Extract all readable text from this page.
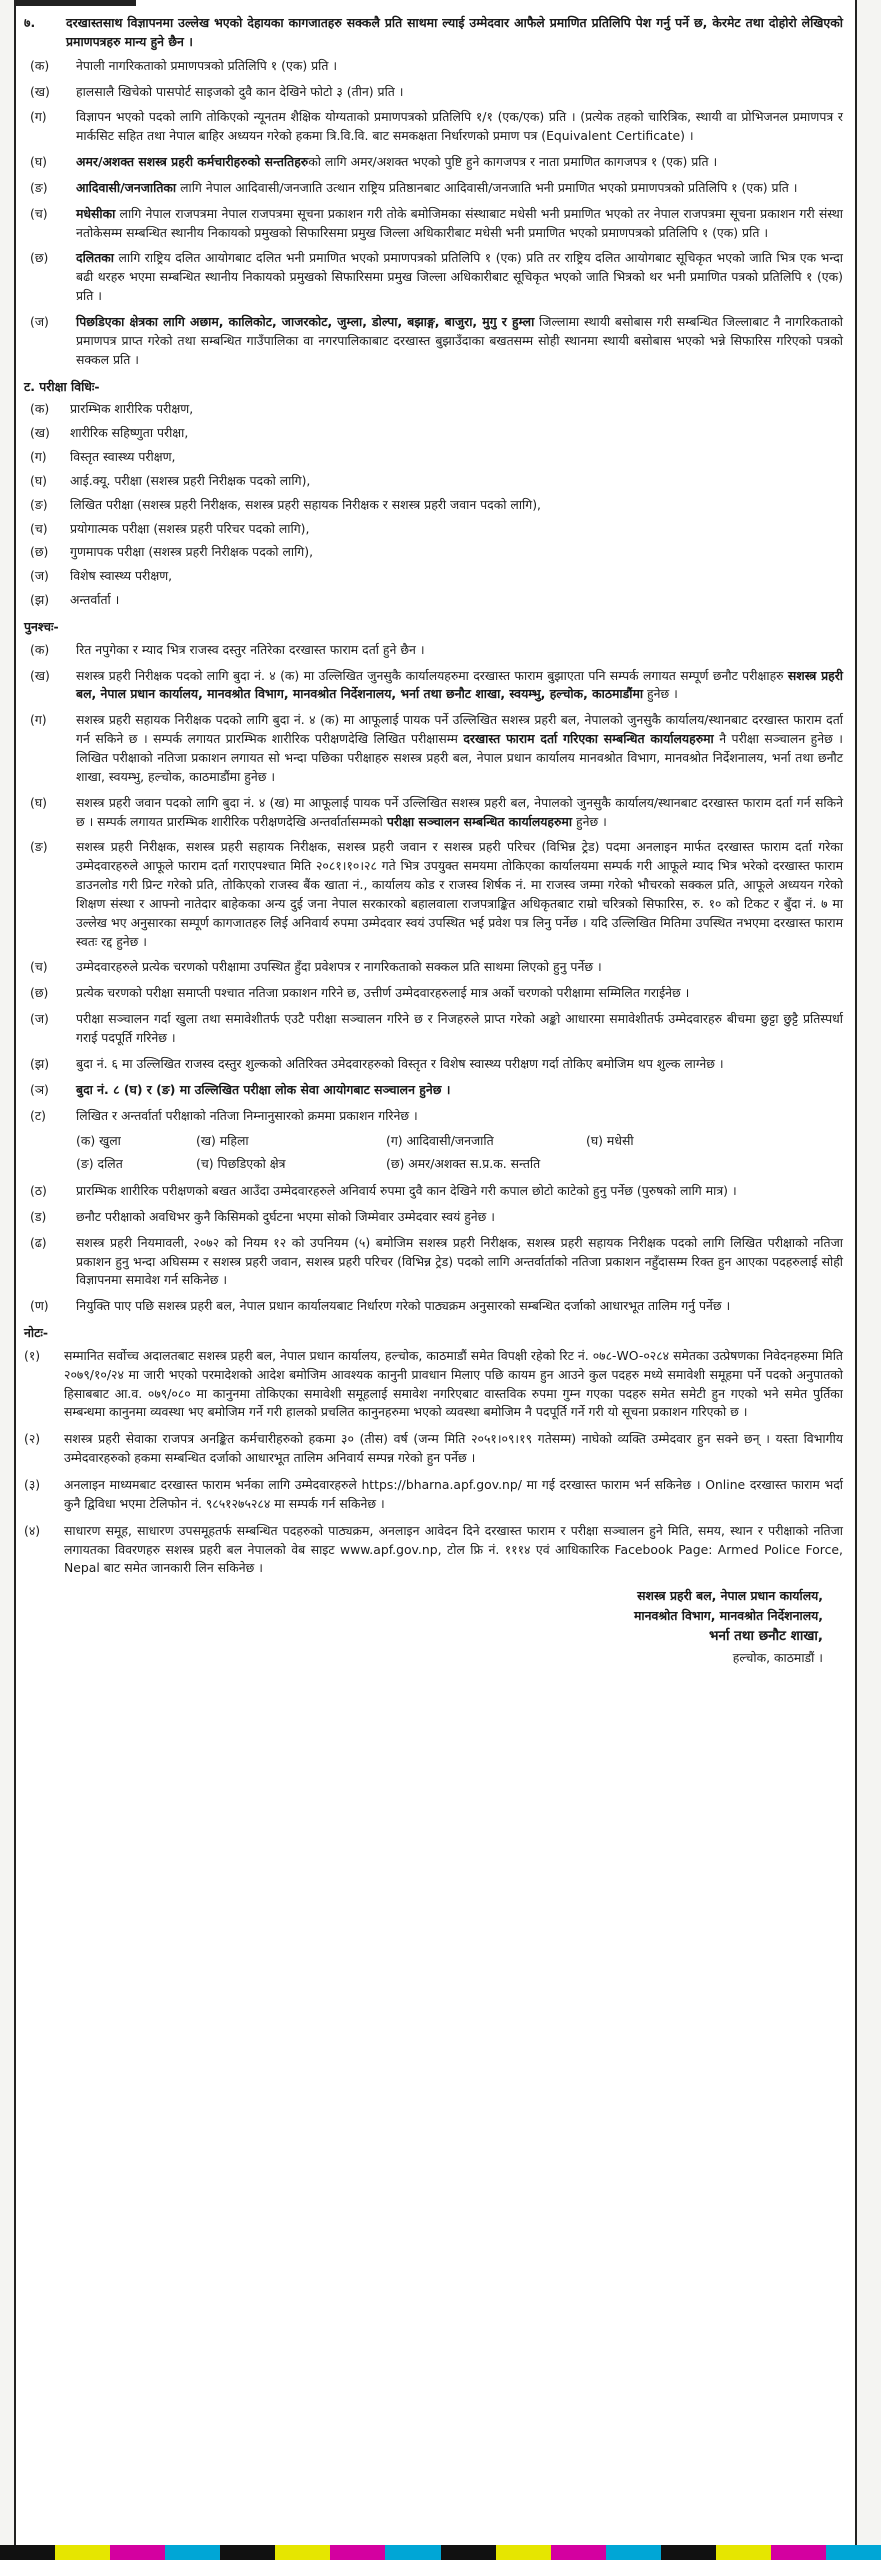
७.	दरखास्तसाथ विज्ञापनमा उल्लेख भएको देहायका कागजातहरु सक्कलै प्रति साथमा ल्याई उम्मेदवार आफैले प्रमाणित प्रतिलिपि पेश गर्नु पर्ने छ, केरमेट तथा दोहोरो लेखिएको प्रमाणपत्रहरु मान्य हुने छैन ।
(क)	नेपाली नागरिकताको प्रमाणपत्रको प्रतिलिपि १ (एक) प्रति ।
(ख)	हालसालै खिचेको पासपोर्ट साइजको दुवै कान देखिने फोटो ३ (तीन) प्रति ।
(ग)	विज्ञापन भएको पदको लागि तोकिएको न्यूनतम शैक्षिक योग्यताको प्रमाणपत्रको प्रतिलिपि १/१ (एक/एक) प्रति । (प्रत्येक तहको चारित्रिक, स्थायी वा प्रोभिजनल प्रमाणपत्र र मार्कसिट सहित तथा नेपाल बाहिर अध्ययन गरेको हकमा त्रि.वि.वि. बाट समकक्षता निर्धारणको प्रमाण पत्र (Equivalent Certificate) ।
(घ)	अमर/अशक्त सशस्त्र प्रहरी कर्मचारीहरुको सन्ततिहरुको लागि अमर/अशक्त भएको पुष्टि हुने कागजपत्र र नाता प्रमाणित कागजपत्र १ (एक) प्रति ।
(ङ)	आदिवासी/जनजातिका लागि नेपाल आदिवासी/जनजाति उत्थान राष्ट्रिय प्रतिष्ठानबाट आदिवासी/जनजाति भनी प्रमाणित भएको प्रमाणपत्रको प्रतिलिपि १ (एक) प्रति ।
(च)	मधेसीका लागि नेपाल राजपत्रमा नेपाल राजपत्रमा सूचना प्रकाशन गरी तोके बमोजिमका संस्थाबाट मधेसी भनी प्रमाणित भएको तर नेपाल राजपत्रमा सूचना प्रकाशन गरी संस्था नतोकेसम्म सम्बन्धित स्थानीय निकायको प्रमुखको सिफारिसमा प्रमुख जिल्ला अधिकारीबाट मधेसी भनी प्रमाणित भएको प्रमाणपत्रको प्रतिलिपि १ (एक) प्रति ।
(छ)	दलितका लागि राष्ट्रिय दलित आयोगबाट दलित भनी प्रमाणित भएको प्रमाणपत्रको प्रतिलिपि १ (एक) प्रति तर राष्ट्रिय दलित आयोगबाट सूचिकृत भएको जाति भित्र एक भन्दा बढी थरहरु भएमा सम्बन्धित स्थानीय निकायको प्रमुखको सिफारिसमा प्रमुख जिल्ला अधिकारीबाट सूचिकृत भएको जाति भित्रको थर भनी प्रमाणित पत्रको प्रतिलिपि १ (एक) प्रति ।
(ज)	पिछडिएका क्षेत्रका लागि अछाम, कालिकोट, जाजरकोट, जुम्ला, डोल्पा, बझाङ्ग, बाजुरा, मुगु र हुम्ला जिल्लामा स्थायी बसोबास गरी सम्बन्धित जिल्लाबाट नै नागरिकताको प्रमाणपत्र प्राप्त गरेको तथा सम्बन्धित गाउँपालिका वा नगरपालिकाबाट दरखास्त बुझाउँदाका बखतसम्म सोही स्थानमा स्थायी बसोबास भएको भन्ने सिफारिस गरिएको पत्रको सक्कल प्रति ।
ट. परीक्षा विधिः-
(क)	प्रारम्भिक शारीरिक परीक्षण,
(ख)	शारीरिक सहिष्णुता परीक्षा,
(ग)	विस्तृत स्वास्थ्य परीक्षण,
(घ)	आई.क्यू. परीक्षा (सशस्त्र प्रहरी निरीक्षक पदको लागि),
(ङ)	लिखित परीक्षा (सशस्त्र प्रहरी निरीक्षक, सशस्त्र प्रहरी सहायक निरीक्षक र सशस्त्र प्रहरी जवान पदको लागि),
(च)	प्रयोगात्मक परीक्षा (सशस्त्र प्रहरी परिचर पदको लागि),
(छ)	गुणमापक परीक्षा (सशस्त्र प्रहरी निरीक्षक पदको लागि),
(ज)	विशेष स्वास्थ्य परीक्षण,
(झ)	अन्तर्वार्ता ।
पुनश्चः-
(क)	रित नपुगेका र म्याद भित्र राजस्व दस्तुर नतिरेका दरखास्त फाराम दर्ता हुने छैन ।
(ख)	सशस्त्र प्रहरी निरीक्षक पदको लागि बुदा नं. ४ (क) मा उल्लिखित जुनसुकै कार्यालयहरुमा दरखास्त फाराम बुझाएता पनि सम्पर्क लगायत सम्पूर्ण छनौट परीक्षाहरु सशस्त्र प्रहरी बल, नेपाल प्रधान कार्यालय, मानवश्रोत विभाग, मानवश्रोत निर्देशनालय, भर्ना तथा छनौट शाखा, स्वयम्भु, हल्चोक, काठमाडौंमा हुनेछ ।
(ग)	सशस्त्र प्रहरी सहायक निरीक्षक पदको लागि बुदा नं. ४ (क) मा आफूलाई पायक पर्ने उल्लिखित सशस्त्र प्रहरी बल, नेपालको जुनसुकै कार्यालय/स्थानबाट दरखास्त फाराम दर्ता गर्न सकिने छ । सम्पर्क लगायत प्रारम्भिक शारीरिक परीक्षणदेखि लिखित परीक्षासम्म दरखास्त फाराम दर्ता गरिएका सम्बन्धित कार्यालयहरुमा नै परीक्षा सञ्चालन हुनेछ । लिखित परीक्षाको नतिजा प्रकाशन लगायत सो भन्दा पछिका परीक्षाहरु सशस्त्र प्रहरी बल, नेपाल प्रधान कार्यालय मानवश्रोत विभाग, मानवश्रोत निर्देशनालय, भर्ना तथा छनौट शाखा, स्वयम्भु, हल्चोक, काठमाडौंमा हुनेछ ।
(घ)	सशस्त्र प्रहरी जवान पदको लागि बुदा नं. ४ (ख) मा आफूलाई पायक पर्ने उल्लिखित सशस्त्र प्रहरी बल, नेपालको जुनसुकै कार्यालय/स्थानबाट दरखास्त फाराम दर्ता गर्न सकिने छ । सम्पर्क लगायत प्रारम्भिक शारीरिक परीक्षणदेखि अन्तर्वार्तासम्मको परीक्षा सञ्चालन सम्बन्धित कार्यालयहरुमा हुनेछ ।
(ङ)	सशस्त्र प्रहरी निरीक्षक, सशस्त्र प्रहरी सहायक निरीक्षक, सशस्त्र प्रहरी जवान र सशस्त्र प्रहरी परिचर (विभिन्न ट्रेड) पदमा अनलाइन मार्फत दरखास्त फाराम दर्ता गरेका उम्मेदवारहरुले आफूले फाराम दर्ता गराएपश्चात मिति २०८१।१०।२८ गते भित्र उपयुक्त समयमा तोकिएका कार्यालयमा सम्पर्क गरी आफूले म्याद भित्र भरेको दरखास्त फाराम डाउनलोड गरी प्रिन्ट गरेको प्रति, तोकिएको राजस्व बैंक खाता नं., कार्यालय कोड र राजस्व शिर्षक नं. मा राजस्व जम्मा गरेको भौचरको सक्कल प्रति, आफूले अध्ययन गरेको शिक्षण संस्था र आफ्नो नातेदार बाहेकका अन्य दुई जना नेपाल सरकारको बहालवाला राजपत्राङ्कित अधिकृतबाट राम्रो चरित्रको सिफारिस, रु. १० को टिकट र बुँदा नं. ७ मा उल्लेख भए अनुसारका सम्पूर्ण कागजातहरु लिई अनिवार्य रुपमा उम्मेदवार स्वयं उपस्थित भई प्रवेश पत्र लिनु पर्नेछ । यदि उल्लिखित मितिमा उपस्थित नभएमा दरखास्त फाराम स्वतः रद्द हुनेछ ।
(च)	उम्मेदवारहरुले प्रत्येक चरणको परीक्षामा उपस्थित हुँदा प्रवेशपत्र र नागरिकताको सक्कल प्रति साथमा लिएको हुनु पर्नेछ ।
(छ)	प्रत्येक चरणको परीक्षा समाप्ती पश्चात नतिजा प्रकाशन गरिने छ, उत्तीर्ण उम्मेदवारहरुलाई मात्र अर्को चरणको परीक्षामा सम्मिलित गराईनेछ ।
(ज)	परीक्षा सञ्चालन गर्दा खुला तथा समावेशीतर्फ एउटै परीक्षा सञ्चालन गरिने छ र निजहरुले प्राप्त गरेको अङ्को आधारमा समावेशीतर्फ उम्मेदवारहरु बीचमा छुट्टा छुट्टै प्रतिस्पर्धा गराई पदपूर्ति गरिनेछ ।
(झ)	बुदा नं. ६ मा उल्लिखित राजस्व दस्तुर शुल्कको अतिरिक्त उमेदवारहरुको विस्तृत र विशेष स्वास्थ्य परीक्षण गर्दा तोकिए बमोजिम थप शुल्क लाग्नेछ ।
(ञ)	बुदा नं. ८ (घ) र (ङ) मा उल्लिखित परीक्षा लोक सेवा आयोगबाट सञ्चालन हुनेछ ।
(ट)	लिखित र अन्तर्वार्ता परीक्षाको नतिजा निम्नानुसारको क्रममा प्रकाशन गरिनेछ ।
(क) खुला	(ख) महिला	(ग) आदिवासी/जनजाति	(घ) मधेसी
(ङ) दलित	(च) पिछडिएको क्षेत्र	(छ) अमर/अशक्त स.प्र.क. सन्तति
(ठ)	प्रारम्भिक शारीरिक परीक्षणको बखत आउँदा उम्मेदवारहरुले अनिवार्य रुपमा दुवै कान देखिने गरी कपाल छोटो काटेको हुनु पर्नेछ (पुरुषको लागि मात्र) ।
(ड)	छनौट परीक्षाको अवधिभर कुनै किसिमको दुर्घटना भएमा सोको जिम्मेवार उम्मेदवार स्वयं हुनेछ ।
(ढ)	सशस्त्र प्रहरी नियमावली, २०७२ को नियम १२ को उपनियम (५) बमोजिम सशस्त्र प्रहरी निरीक्षक, सशस्त्र प्रहरी सहायक निरीक्षक पदको लागि लिखित परीक्षाको नतिजा प्रकाशन हुनु भन्दा अघिसम्म र सशस्त्र प्रहरी जवान, सशस्त्र प्रहरी परिचर (विभिन्न ट्रेड) पदको लागि अन्तर्वार्ताको नतिजा प्रकाशन नहुँदासम्म रिक्त हुन आएका पदहरुलाई सोही विज्ञापनमा समावेश गर्न सकिनेछ ।
(ण)	नियुक्ति पाए पछि सशस्त्र प्रहरी बल, नेपाल प्रधान कार्यालयबाट निर्धारण गरेको पाठ्यक्रम अनुसारको सम्बन्धित दर्जाको आधारभूत तालिम गर्नु पर्नेछ ।
नोटः-
(१)	सम्मानित सर्वोच्च अदालतबाट सशस्त्र प्रहरी बल, नेपाल प्रधान कार्यालय, हल्चोक, काठमाडौं समेत विपक्षी रहेको रिट नं. ०७८-WO-०२८४ समेतका उत्प्रेषणका निवेदनहरुमा मिति २०७९/१०/२४ मा जारी भएको परमादेशको आदेश बमोजिम आवश्यक कानुनी प्रावधान मिलाए पछि कायम हुन आउने कुल पदहरु मध्ये समावेशी समूहमा पर्ने पदको अनुपातको हिसाबबाट आ.व. ०७९/०८० मा कानुनमा तोकिएका समावेशी समूहलाई समावेश नगरिएबाट वास्तविक रुपमा गुम्न गएका पदहरु समेत समेटी हुन गएको भने समेत पुर्तिका सम्बन्धमा कानुनमा व्यवस्था भए बमोजिम गर्ने गरी हालको प्रचलित कानुनहरुमा भएको व्यवस्था बमोजिम नै पदपूर्ति गर्ने गरी यो सूचना प्रकाशन गरिएको छ ।
(२)	सशस्त्र प्रहरी सेवाका राजपत्र अनङ्कित कर्मचारीहरुको हकमा ३० (तीस) वर्ष (जन्म मिति २०५१।०९।१९ गतेसम्म) नाघेको व्यक्ति उम्मेदवार हुन सक्ने छन् । यस्ता विभागीय उम्मेदवारहरुको हकमा सम्बन्धित दर्जाको आधारभूत तालिम अनिवार्य सम्पन्न गरेको हुन पर्नेछ ।
(३)	अनलाइन माध्यमबाट दरखास्त फाराम भर्नका लागि उम्मेदवारहरुले https://bharna.apf.gov.np/ मा गई दरखास्त फाराम भर्न सकिनेछ । Online दरखास्त फाराम भर्दा कुनै द्विविधा भएमा टेलिफोन नं. ९८५१२७५२८४ मा सम्पर्क गर्न सकिनेछ ।
(४)	साधारण समूह, साधारण उपसमूहतर्फ सम्बन्धित पदहरुको पाठ्यक्रम, अनलाइन आवेदन दिने दरखास्त फाराम र परीक्षा सञ्चालन हुने मिति, समय, स्थान र परीक्षाको नतिजा लगायतका विवरणहरु सशस्त्र प्रहरी बल नेपालको वेब साइट www.apf.gov.np, टोल फ्रि नं. १११४ एवं आधिकारिक Facebook Page: Armed Police Force, Nepal बाट समेत जानकारी लिन सकिनेछ ।
सशस्त्र प्रहरी बल, नेपाल प्रधान कार्यालय,
मानवश्रोत विभाग, मानवश्रोत निर्देशनालय,
भर्ना तथा छनौट शाखा,
हल्चोक, काठमाडौं ।
